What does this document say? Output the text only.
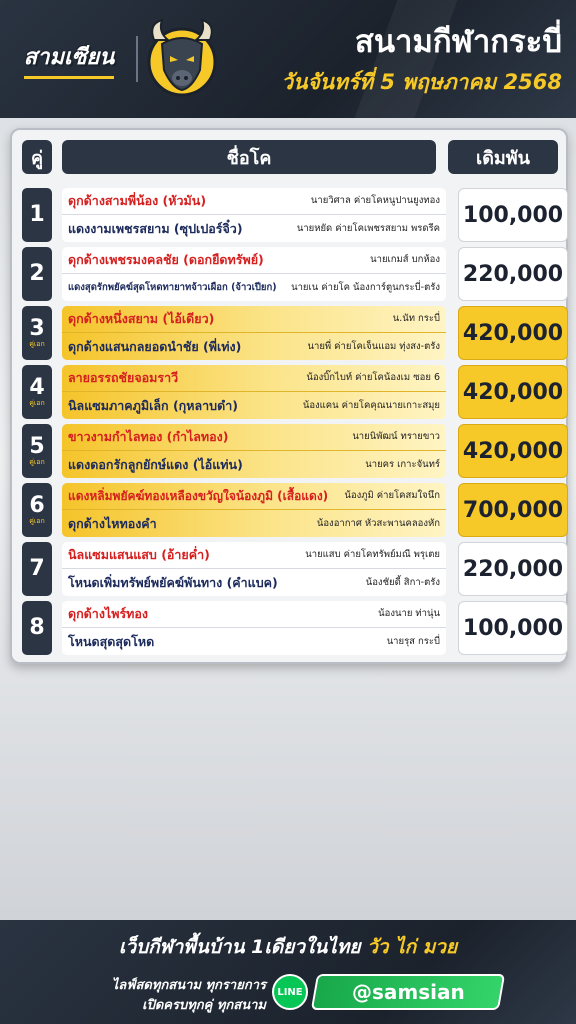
สามเซียน	สนามกีฬากระบี่
วันจันทร์ที่ 5 พฤษภาคม 2568
คู่	ชื่อโค	เดิมพัน
1
ดุกด้างสามพี่น้อง (หัวมัน)	นายวิศาล ค่ายโคหนูปานยูงทอง
แดงงามเพชรสยาม (ซุปเปอร์จิ๋ว)	นายหยัด ค่ายโคเพชรสยาม พรดรีค
100,000
2
ดุกด้างเพชรมงคลชัย (ดอกยืดทรัพย์)	นายเกมส์ บกห้อง
แดงสุดรักพยัคฆ์สุดโหดทายาทจ้าวเผือก (จ้าวเปียก) นายเน ค่ายโค น้องการ์ตูนกระบี่-ตรัง
220,000
3
คู่เอก
ดุกด้างหนึ่งสยาม (ไอ้เดียว)	น.นัท กระบี่
ดุกด้างแสนกลยอดนำชัย (พี่เท่ง)	นายพี่ ค่ายโคเจ็นแอม ทุ่งสง-ตรัง
420,000
4
คู่เอก
ลายอรรถชัยจอมราวี	น้องบิ๊กไบท์ ค่ายโคน้องเม ซอย 6
นิลแซมภาคภูมิเล็ก (กุหลาบดำ)	น้องแคน ค่ายโคคุณนายเกาะสมุย
420,000
5
คู่เอก
ขาวงามกำไลทอง (กำไลทอง)	นายนิพัฒน์ ทรายขาว
แดงดอกรักลูกยักษ์แดง (ไอ้แท่น)	นายคร เกาะจันทร์
420,000
6
คู่เอก
แดงหลิ่มพยัคฆ์ทองเหลืองขวัญใจน้องภูมิ (เสื้อแดง) น้องภูมิ ค่ายโคสมใจนึก
ดุกด้างไหทองคำ	น้องอากาศ หัวสะพานคลองหัก
700,000
7
นิลแซมแสนแสบ (อ้ายค่ำ)	นายแสบ ค่ายโคทรัพย์มณี พรุเตย
โหนดเพิ่มทรัพย์พยัคฆ์พันทาง (คำแบค)	น้องชัยดี้ สิกา-ตรัง
220,000
8
ดุกด้างไพร์ทอง	น้องนาย ท่านุ่น
โหนดสุดสุดโหด	นายรุส กระบี่
100,000
เว็บกีฬาพื้นบ้าน 1เดียวในไทย วัว ไก่ มวย
ไลฟ์สดทุกสนาม ทุกรายการ
เปิดครบทุกคู่ ทุกสนาม
LINE @samsian
